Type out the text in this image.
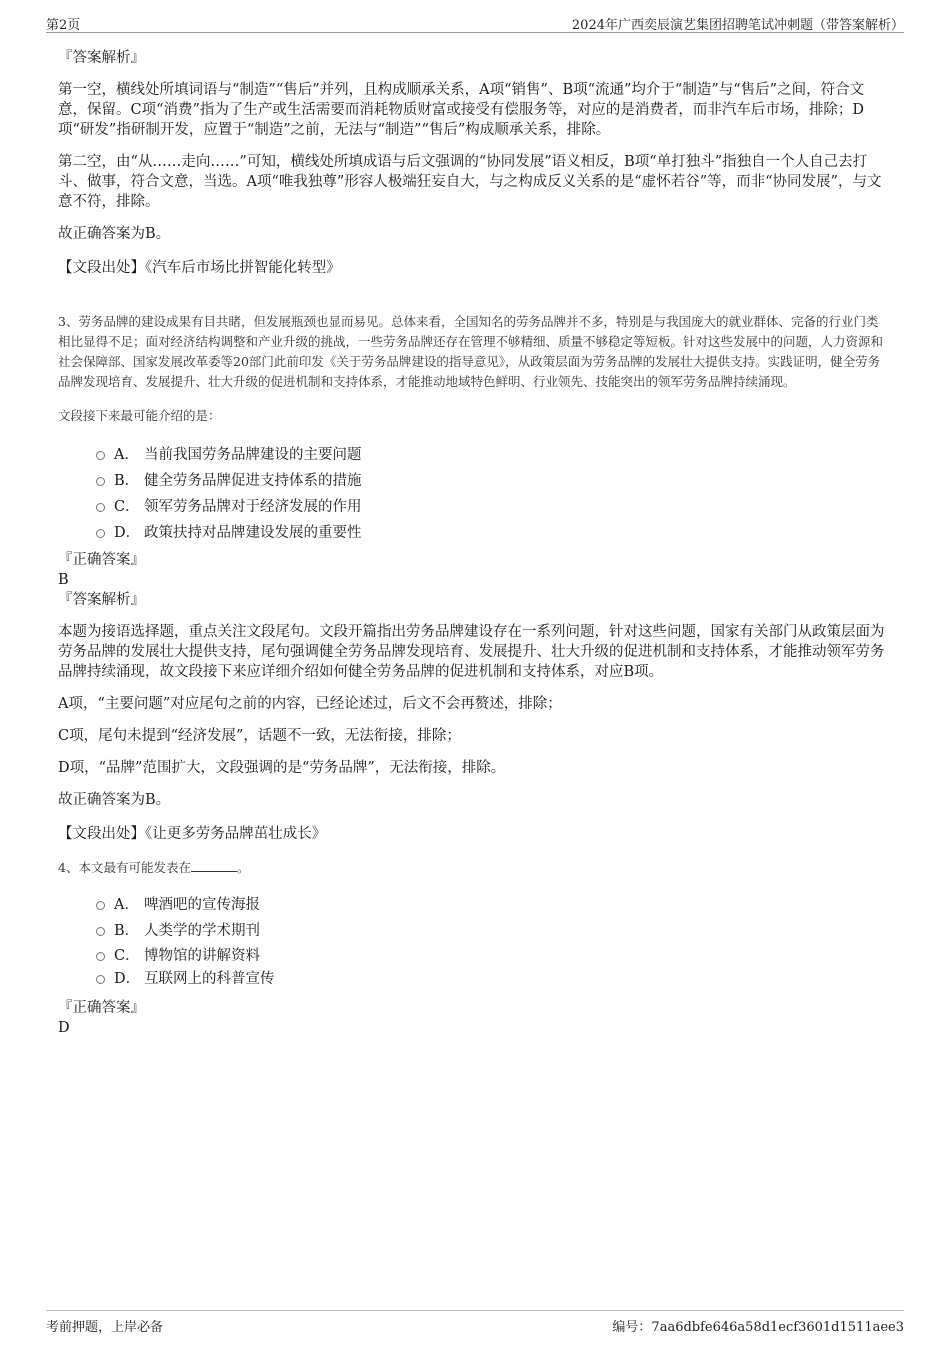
第2页	2024年广西奕辰演艺集团招聘笔试冲刺题（带答案解析）

『答案解析』

第一空，横线处所填词语与“制造”“售后”并列，且构成顺承关系，A项“销售”、B项“流通”均介于“制造”与“售后”之间，符合文意，保留。C项“消费”指为了生产或生活需要而消耗物质财富或接受有偿服务等，对应的是消费者，而非汽车后市场，排除；D项“研发”指研制开发，应置于“制造”之前，无法与“制造”“售后”构成顺承关系，排除。

第二空，由“从……走向……”可知，横线处所填成语与后文强调的“协同发展”语义相反，B项“单打独斗”指独自一个人自己去打斗、做事，符合文意，当选。A项“唯我独尊”形容人极端狂妄自大，与之构成反义关系的是“虚怀若谷”等，而非“协同发展”，与文意不符，排除。

故正确答案为B。

【文段出处】《汽车后市场比拼智能化转型》

3、劳务品牌的建设成果有目共睹，但发展瓶颈也显而易见。总体来看，全国知名的劳务品牌并不多，特别是与我国庞大的就业群体、完备的行业门类相比显得不足；面对经济结构调整和产业升级的挑战，一些劳务品牌还存在管理不够精细、质量不够稳定等短板。针对这些发展中的问题，人力资源和社会保障部、国家发展改革委等20部门此前印发《关于劳务品牌建设的指导意见》，从政策层面为劳务品牌的发展壮大提供支持。实践证明，健全劳务品牌发现培育、发展提升、壮大升级的促进机制和支持体系，才能推动地域特色鲜明、行业领先、技能突出的领军劳务品牌持续涌现。

文段接下来最可能介绍的是：

A． 当前我国劳务品牌建设的主要问题
B． 健全劳务品牌促进支持体系的措施
C． 领军劳务品牌对于经济发展的作用
D． 政策扶持对品牌建设发展的重要性

『正确答案』

B

『答案解析』

本题为接语选择题，重点关注文段尾句。文段开篇指出劳务品牌建设存在一系列问题，针对这些问题，国家有关部门从政策层面为劳务品牌的发展壮大提供支持，尾句强调健全劳务品牌发现培育、发展提升、壮大升级的促进机制和支持体系，才能推动领军劳务品牌持续涌现，故文段接下来应详细介绍如何健全劳务品牌的促进机制和支持体系，对应B项。

A项，“主要问题”对应尾句之前的内容，已经论述过，后文不会再赘述，排除；

C项，尾句未提到“经济发展”，话题不一致，无法衔接，排除；

D项，“品牌”范围扩大，文段强调的是“劳务品牌”，无法衔接，排除。

故正确答案为B。

【文段出处】《让更多劳务品牌茁壮成长》

4、本文最有可能发表在	。

A． 啤酒吧的宣传海报
B． 人类学的学术期刊
C． 博物馆的讲解资料
D． 互联网上的科普宣传

『正确答案』

D

考前押题，上岸必备	编号：7aa6dbfe646a58d1ecf3601d1511aee3
